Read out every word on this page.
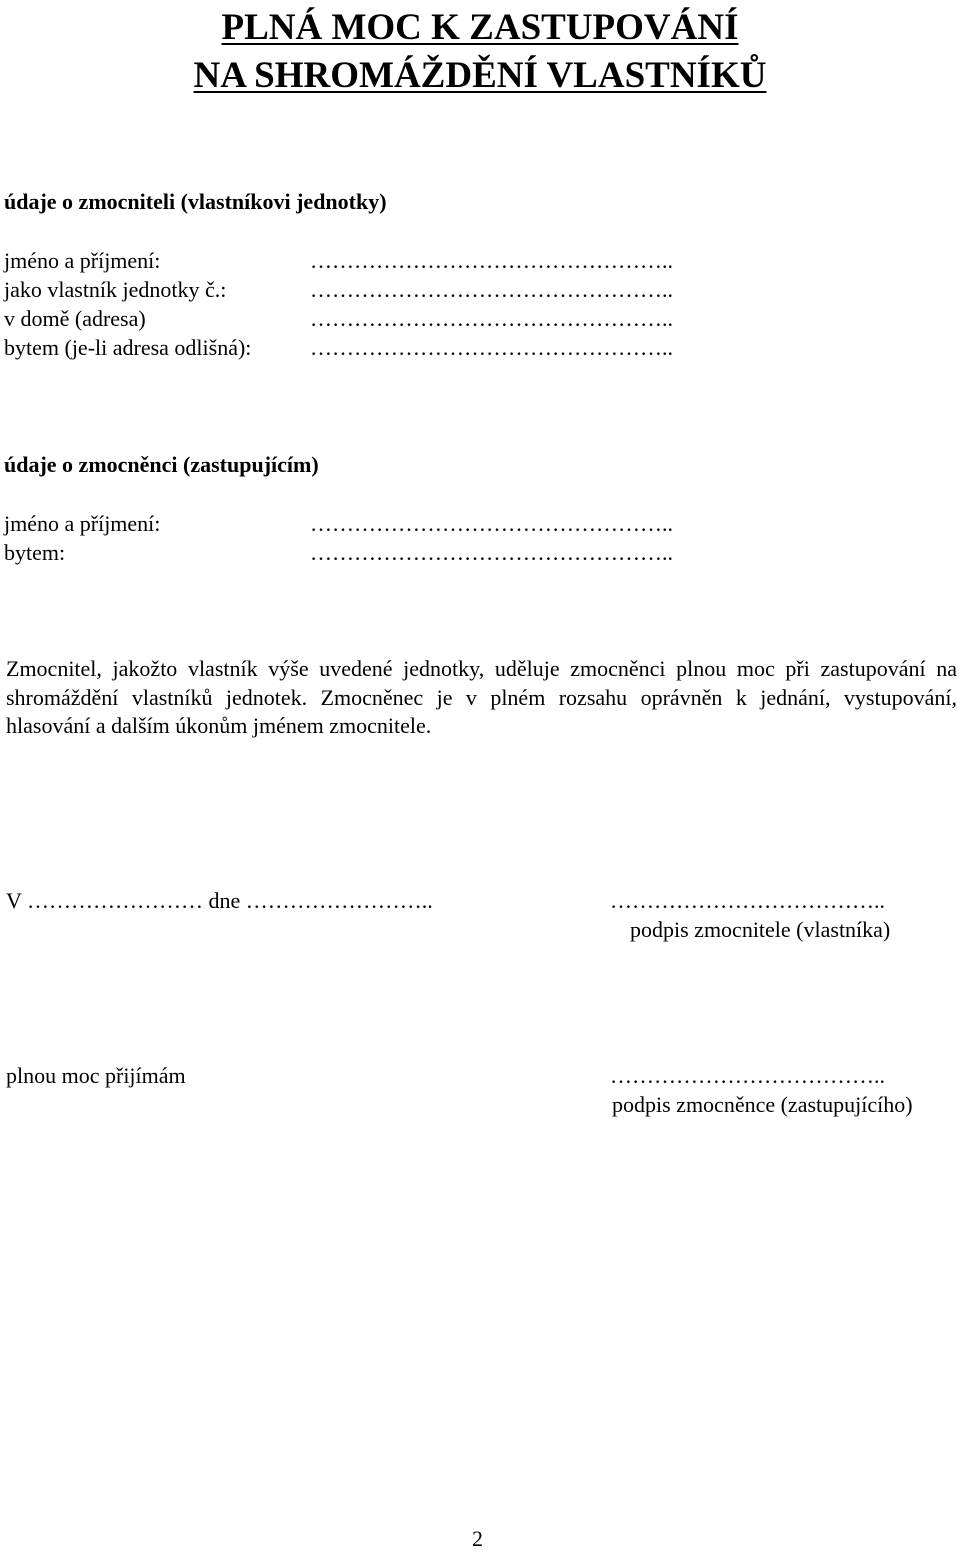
PLNÁ MOC K ZASTUPOVÁNÍ
NA SHROMÁŽDĚNÍ VLASTNÍKŮ
údaje o zmocniteli (vlastníkovi jednotky)
jméno a příjmení:	…………………………………………..
jako vlastník jednotky č.:	…………………………………………..
v domě (adresa)	…………………………………………..
bytem (je-li adresa odlišná):	…………………………………………..
údaje o zmocněnci (zastupujícím)
jméno a příjmení:	…………………………………………..
bytem:	…………………………………………..
Zmocnitel, jakožto vlastník výše uvedené jednotky, uděluje zmocněnci plnou moc při zastupování na shromáždění vlastníků jednotek. Zmocněnec je v plném rozsahu oprávněn k jednání, vystupování, hlasování a dalším úkonům jménem zmocnitele.
V …………………… dne ……………………..	………………………………..
podpis zmocnitele (vlastníka)
plnou moc přijímám	………………………………..
podpis zmocněnce (zastupujícího)
2
